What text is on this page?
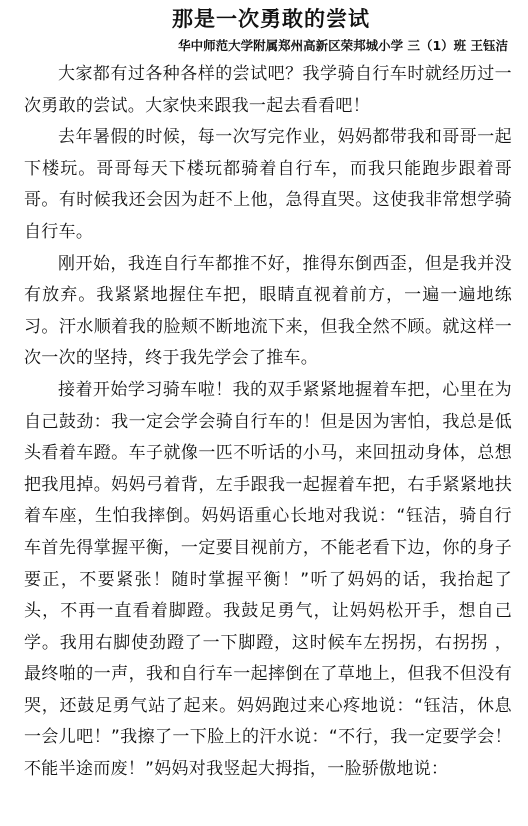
那是一次勇敢的尝试
华中师范大学附属郑州高新区荣邦城小学 三（1）班 王钰洁

大家都有过各种各样的尝试吧？我学骑自行车时就经历过一次勇敢的尝试。大家快来跟我一起去看看吧！

去年暑假的时候，每一次写完作业，妈妈都带我和哥哥一起下楼玩。哥哥每天下楼玩都骑着自行车，而我只能跑步跟着哥哥。有时候我还会因为赶不上他，急得直哭。这使我非常想学骑自行车。

刚开始，我连自行车都推不好，推得东倒西歪，但是我并没有放弃。我紧紧地握住车把，眼睛直视着前方，一遍一遍地练习。汗水顺着我的脸颊不断地流下来，但我全然不顾。就这样一次一次的坚持，终于我先学会了推车。

接着开始学习骑车啦！我的双手紧紧地握着车把，心里在为自己鼓劲：我一定会学会骑自行车的！但是因为害怕，我总是低头看着车蹬。车子就像一匹不听话的小马，来回扭动身体，总想把我甩掉。妈妈弓着背，左手跟我一起握着车把，右手紧紧地扶着车座，生怕我摔倒。妈妈语重心长地对我说：“钰洁，骑自行车首先得掌握平衡，一定要目视前方，不能老看下边，你的身子要正，不要紧张！随时掌握平衡！”听了妈妈的话，我抬起了头，不再一直看着脚蹬。我鼓足勇气，让妈妈松开手，想自己学。我用右脚使劲蹬了一下脚蹬，这时候车左拐拐，右拐拐 ，最终啪的一声，我和自行车一起摔倒在了草地上，但我不但没有哭，还鼓足勇气站了起来。妈妈跑过来心疼地说：“钰洁，休息一会儿吧！”我擦了一下脸上的汗水说：“不行，我一定要学会！不能半途而废！”妈妈对我竖起大拇指，一脸骄傲地说：
